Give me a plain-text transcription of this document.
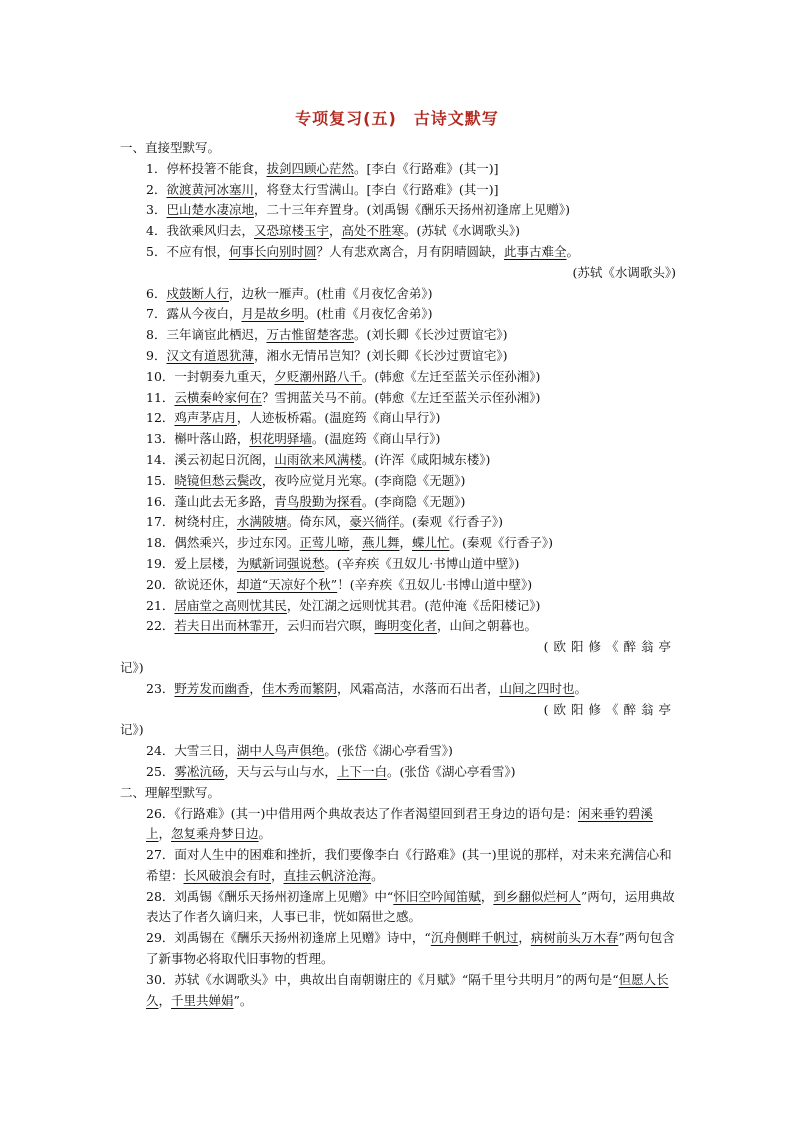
专项复习(五)　古诗文默写
一、直接型默写。
1．停杯投箸不能食，拔剑四顾心茫然。[李白《行路难》(其一)]
2．欲渡黄河冰塞川，将登太行雪满山。[李白《行路难》(其一)]
3．巴山楚水凄凉地，二十三年弃置身。(刘禹锡《酬乐天扬州初逢席上见赠》)
4．我欲乘风归去，又恐琼楼玉宇，高处不胜寒。(苏轼《水调歌头》)
5．不应有恨，何事长向别时圆？人有悲欢离合，月有阴晴圆缺，此事古难全。
(苏轼《水调歌头》)
6．戍鼓断人行，边秋一雁声。(杜甫《月夜忆舍弟》)
7．露从今夜白，月是故乡明。(杜甫《月夜忆舍弟》)
8．三年谪宦此栖迟，万古惟留楚客悲。(刘长卿《长沙过贾谊宅》)
9．汉文有道恩犹薄，湘水无情吊岂知？(刘长卿《长沙过贾谊宅》)
10．一封朝奏九重天，夕贬潮州路八千。(韩愈《左迁至蓝关示侄孙湘》)
11．云横秦岭家何在？雪拥蓝关马不前。(韩愈《左迁至蓝关示侄孙湘》)
12．鸡声茅店月，人迹板桥霜。(温庭筠《商山早行》)
13．槲叶落山路，枳花明驿墙。(温庭筠《商山早行》)
14．溪云初起日沉阁，山雨欲来风满楼。(许浑《咸阳城东楼》)
15．晓镜但愁云鬓改，夜吟应觉月光寒。(李商隐《无题》)
16．蓬山此去无多路，青鸟殷勤为探看。(李商隐《无题》)
17．树绕村庄，水满陂塘。倚东风，豪兴徜徉。(秦观《行香子》)
18．偶然乘兴，步过东冈。正莺儿啼，燕儿舞，蝶儿忙。(秦观《行香子》)
19．爱上层楼，为赋新词强说愁。(辛弃疾《丑奴儿·书博山道中壁》)
20．欲说还休，却道“天凉好个秋”！(辛弃疾《丑奴儿·书博山道中壁》)
21．居庙堂之高则忧其民，处江湖之远则忧其君。(范仲淹《岳阳楼记》)
22．若夫日出而林霏开，云归而岩穴暝，晦明变化者，山间之朝暮也。
(欧阳修《醉翁亭
记》)
23．野芳发而幽香，佳木秀而繁阴，风霜高洁，水落而石出者，山间之四时也。
(欧阳修《醉翁亭
记》)
24．大雪三日，湖中人鸟声俱绝。(张岱《湖心亭看雪》)
25．雾凇沆砀，天与云与山与水，上下一白。(张岱《湖心亭看雪》)
二、理解型默写。
26．《行路难》(其一)中借用两个典故表达了作者渴望回到君王身边的语句是：闲来垂钓碧溪上，忽复乘舟梦日边。
27．面对人生中的困难和挫折，我们要像李白《行路难》(其一)里说的那样，对未来充满信心和希望：长风破浪会有时，直挂云帆济沧海。
28．刘禹锡《酬乐天扬州初逢席上见赠》中“怀旧空吟闻笛赋，到乡翻似烂柯人”两句，运用典故表达了作者久谪归来，人事已非，恍如隔世之感。
29．刘禹锡在《酬乐天扬州初逢席上见赠》诗中，“沉舟侧畔千帆过，病树前头万木春”两句包含了新事物必将取代旧事物的哲理。
30．苏轼《水调歌头》中，典故出自南朝谢庄的《月赋》“隔千里兮共明月”的两句是“但愿人长久，千里共婵娟”。
